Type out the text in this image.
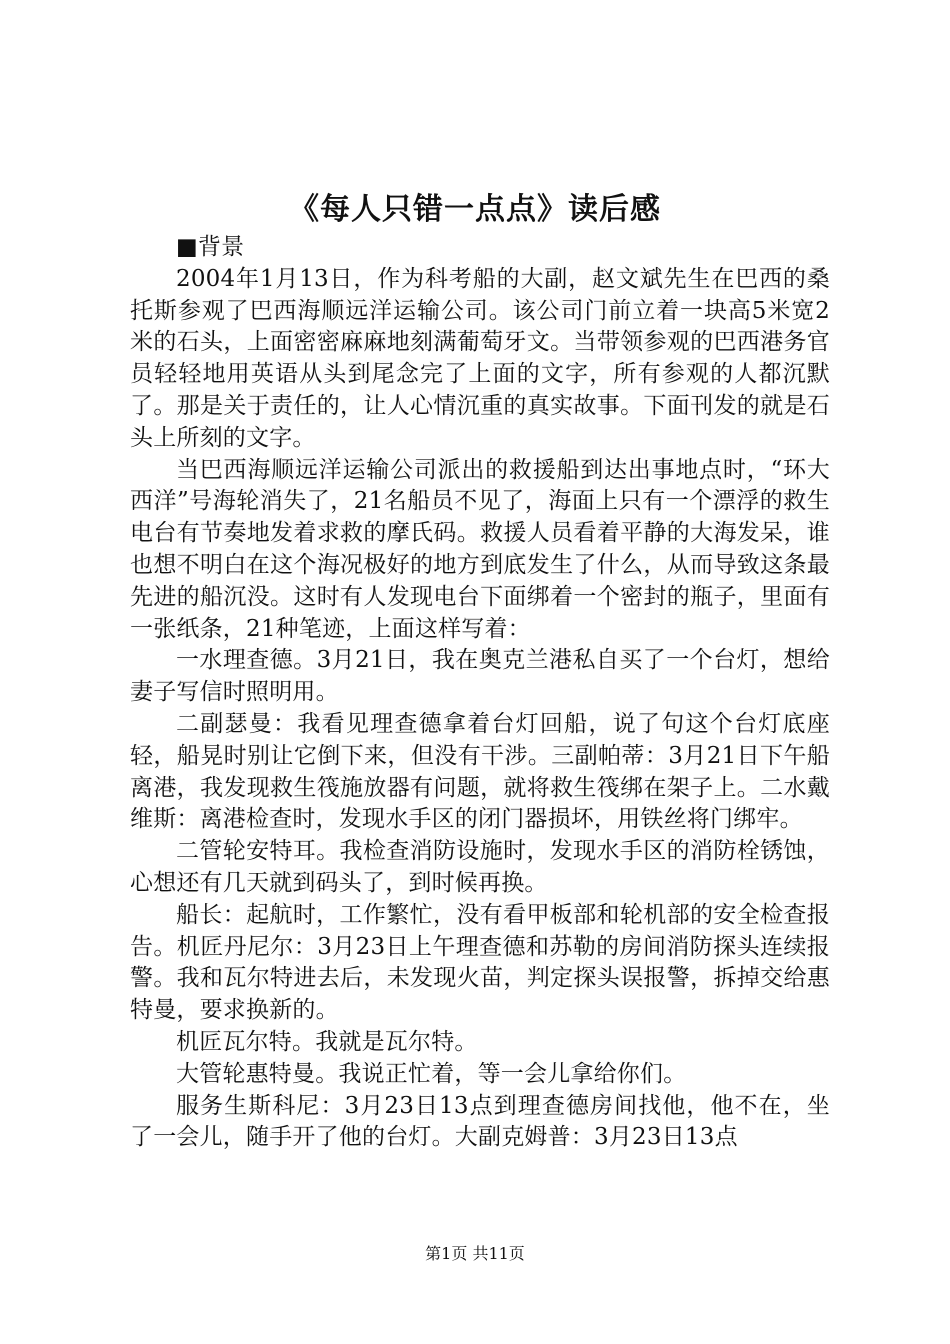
《每人只错一点点》读后感

■背景

2004年1月13日，作为科考船的大副，赵文斌先生在巴西的桑托斯参观了巴西海顺远洋运输公司。该公司门前立着一块高5米宽2米的石头，上面密密麻麻地刻满葡萄牙文。当带领参观的巴西港务官员轻轻地用英语从头到尾念完了上面的文字，所有参观的人都沉默了。那是关于责任的，让人心情沉重的真实故事。下面刊发的就是石头上所刻的文字。

当巴西海顺远洋运输公司派出的救援船到达出事地点时，“环大西洋”号海轮消失了，21名船员不见了，海面上只有一个漂浮的救生电台有节奏地发着求救的摩氏码。救援人员看着平静的大海发呆，谁也想不明白在这个海况极好的地方到底发生了什么，从而导致这条最先进的船沉没。这时有人发现电台下面绑着一个密封的瓶子，里面有一张纸条，21种笔迹，上面这样写着：

一水理查德。3月21日，我在奥克兰港私自买了一个台灯，想给妻子写信时照明用。

二副瑟曼：我看见理查德拿着台灯回船，说了句这个台灯底座轻，船晃时别让它倒下来，但没有干涉。三副帕蒂：3月21日下午船离港，我发现救生筏施放器有问题，就将救生筏绑在架子上。二水戴维斯：离港检查时，发现水手区的闭门器损坏，用铁丝将门绑牢。

二管轮安特耳。我检查消防设施时，发现水手区的消防栓锈蚀，心想还有几天就到码头了，到时候再换。

船长：起航时，工作繁忙，没有看甲板部和轮机部的安全检查报告。机匠丹尼尔：3月23日上午理查德和苏勒的房间消防探头连续报警。我和瓦尔特进去后，未发现火苗，判定探头误报警，拆掉交给惠特曼，要求换新的。

机匠瓦尔特。我就是瓦尔特。

大管轮惠特曼。我说正忙着，等一会儿拿给你们。

服务生斯科尼：3月23日13点到理查德房间找他，他不在，坐了一会儿，随手开了他的台灯。大副克姆普：3月23日13点

第1页 共11页
